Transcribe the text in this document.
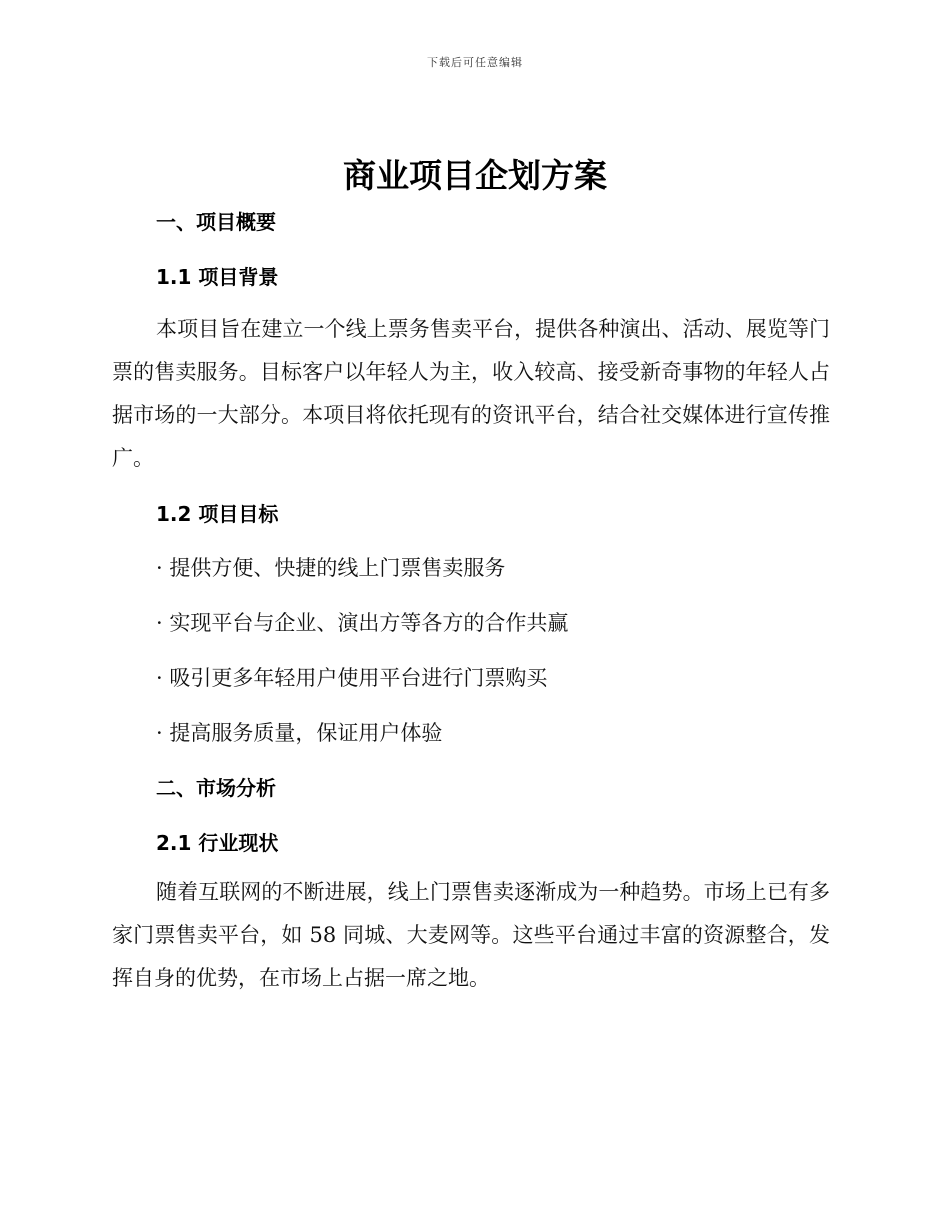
下载后可任意编辑
商业项目企划方案
一、项目概要
1.1 项目背景

本项目旨在建立一个线上票务售卖平台，提供各种演出、活动、展览等门票的售卖服务。目标客户以年轻人为主，收入较高、接受新奇事物的年轻人占据市场的一大部分。本项目将依托现有的资讯平台，结合社交媒体进行宣传推广。

1.2 项目目标
· 提供方便、快捷的线上门票售卖服务
· 实现平台与企业、演出方等各方的合作共赢
· 吸引更多年轻用户使用平台进行门票购买
· 提高服务质量，保证用户体验
二、市场分析
2.1 行业现状

随着互联网的不断进展，线上门票售卖逐渐成为一种趋势。市场上已有多家门票售卖平台，如 58 同城、大麦网等。这些平台通过丰富的资源整合，发挥自身的优势，在市场上占据一席之地。
